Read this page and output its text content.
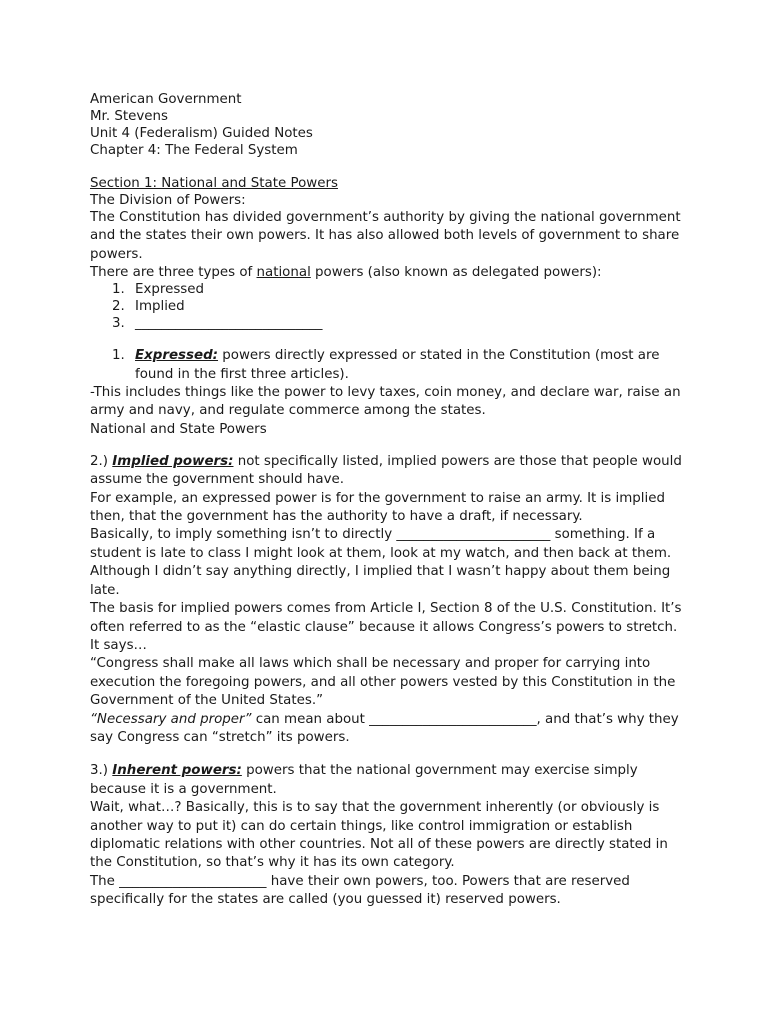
American Government
Mr. Stevens
Unit 4 (Federalism) Guided Notes
Chapter 4: The Federal System
Section 1: National and State Powers
The Division of Powers:
The Constitution has divided government’s authority by giving the national government and the states their own powers. It has also allowed both levels of government to share powers.
There are three types of national powers (also known as delegated powers):
1. Expressed
2. Implied
3. ____________________________
1. Expressed: powers directly expressed or stated in the Constitution (most are found in the first three articles).
-This includes things like the power to levy taxes, coin money, and declare war, raise an army and navy, and regulate commerce among the states.
National and State Powers
2.) Implied powers: not specifically listed, implied powers are those that people would assume the government should have.
For example, an expressed power is for the government to raise an army. It is implied then, that the government has the authority to have a draft, if necessary.
Basically, to imply something isn’t to directly _______________________ something. If a student is late to class I might look at them, look at my watch, and then back at them. Although I didn’t say anything directly, I implied that I wasn’t happy about them being late.
The basis for implied powers comes from Article I, Section 8 of the U.S. Constitution. It’s often referred to as the “elastic clause” because it allows Congress’s powers to stretch. It says…
“Congress shall make all laws which shall be necessary and proper for carrying into execution the foregoing powers, and all other powers vested by this Constitution in the Government of the United States.”
“Necessary and proper” can mean about _________________________, and that’s why they say Congress can “stretch” its powers.
3.) Inherent powers: powers that the national government may exercise simply because it is a government.
Wait, what…? Basically, this is to say that the government inherently (or obviously is another way to put it) can do certain things, like control immigration or establish diplomatic relations with other countries. Not all of these powers are directly stated in the Constitution, so that’s why it has its own category.
The ______________________ have their own powers, too. Powers that are reserved specifically for the states are called (you guessed it) reserved powers.
